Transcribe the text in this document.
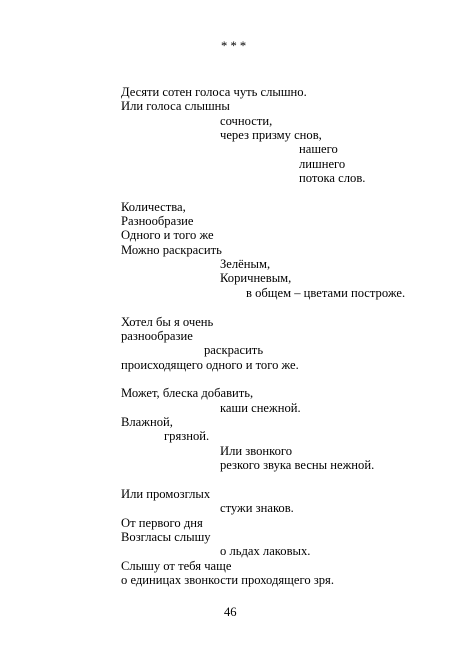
* * *
Десяти сотен голоса чуть слышно.
Или голоса слышны
сочности,
через призму снов,
нашего
лишнего
потока слов.
Количества,
Разнообразие
Одного и того же
Можно раскрасить
Зелёным,
Коричневым,
в общем – цветами построже.
Хотел бы я очень
разнообразие
раскрасить
происходящего одного и того же.
Может, блеска добавить,
каши снежной.
Влажной,
грязной.
Или звонкого
резкого звука весны нежной.
Или промозглых
стужи знаков.
От первого дня
Возгласы слышу
о льдах лаковых.
Слышу от тебя чаще
о единицах звонкости проходящего зря.
46
